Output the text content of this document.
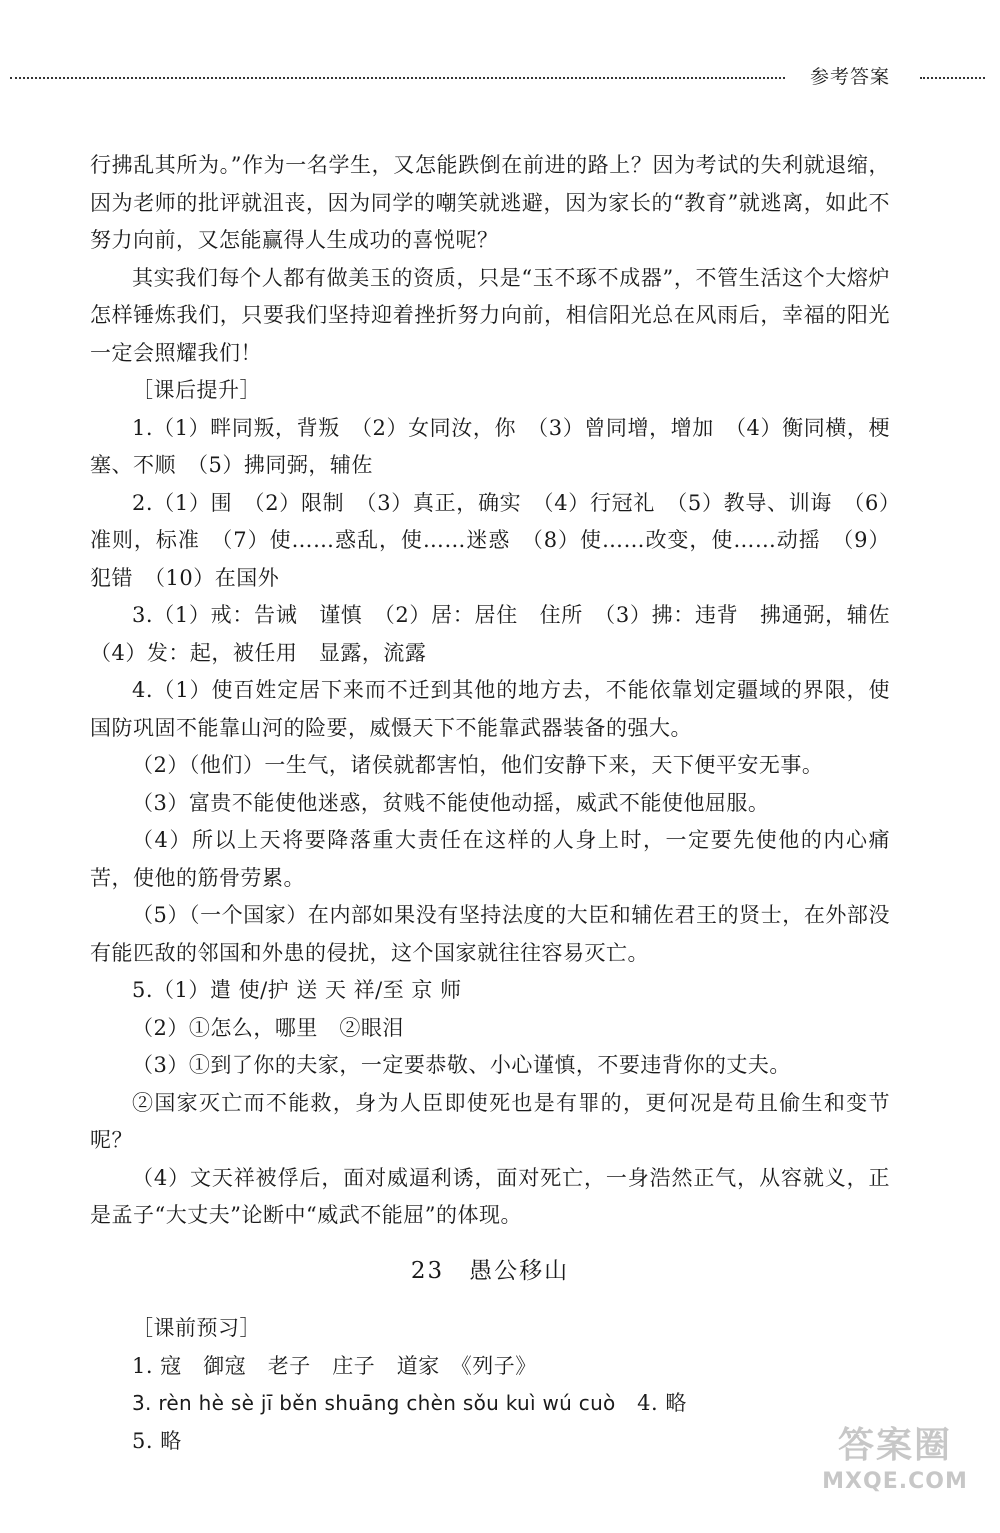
参考答案

行拂乱其所为。”作为一名学生，又怎能跌倒在前进的路上？因为考试的失利就退缩，因为老师的批评就沮丧，因为同学的嘲笑就逃避，因为家长的“教育”就逃离，如此不努力向前，又怎能赢得人生成功的喜悦呢？

其实我们每个人都有做美玉的资质，只是“玉不琢不成器”，不管生活这个大熔炉怎样锤炼我们，只要我们坚持迎着挫折努力向前，相信阳光总在风雨后，幸福的阳光一定会照耀我们！

［课后提升］

1.（1）畔同叛，背叛　（2）女同汝，你　（3）曾同增，增加　（4）衡同横，梗塞、不顺　（5）拂同弼，辅佐

2.（1）围　（2）限制　（3）真正，确实　（4）行冠礼　（5）教导、训诲　（6）准则，标准　（7）使……惑乱，使……迷惑　（8）使……改变，使……动摇　（9）犯错　（10）在国外

3.（1）戒：告诫　谨慎　（2）居：居住　住所　（3）拂：违背　拂通弼，辅佐　（4）发：起，被任用　显露，流露

4.（1）使百姓定居下来而不迁到其他的地方去，不能依靠划定疆域的界限，使国防巩固不能靠山河的险要，威慑天下不能靠武器装备的强大。

（2）（他们）一生气，诸侯就都害怕，他们安静下来，天下便平安无事。

（3）富贵不能使他迷惑，贫贱不能使他动摇，威武不能使他屈服。

（4）所以上天将要降落重大责任在这样的人身上时，一定要先使他的内心痛苦，使他的筋骨劳累。

（5）（一个国家）在内部如果没有坚持法度的大臣和辅佐君王的贤士，在外部没有能匹敌的邻国和外患的侵扰，这个国家就往往容易灭亡。

5.（1）遣 使/护 送 天 祥/至 京 师

（2）①怎么，哪里　②眼泪

（3）①到了你的夫家，一定要恭敬、小心谨慎，不要违背你的丈夫。

②国家灭亡而不能救，身为人臣即使死也是有罪的，更何况是苟且偷生和变节呢？

（4）文天祥被俘后，面对威逼利诱，面对死亡，一身浩然正气，从容就义，正是孟子“大丈夫”论断中“威武不能屈”的体现。

23　愚公移山

［课前预习］

1. 寇　御寇　老子　庄子　道家　《列子》

3. rèn hè sè jī běn shuāng chèn sǒu kuì wú cuò　 4. 略

5. 略	答案圈
MXQE.COM
